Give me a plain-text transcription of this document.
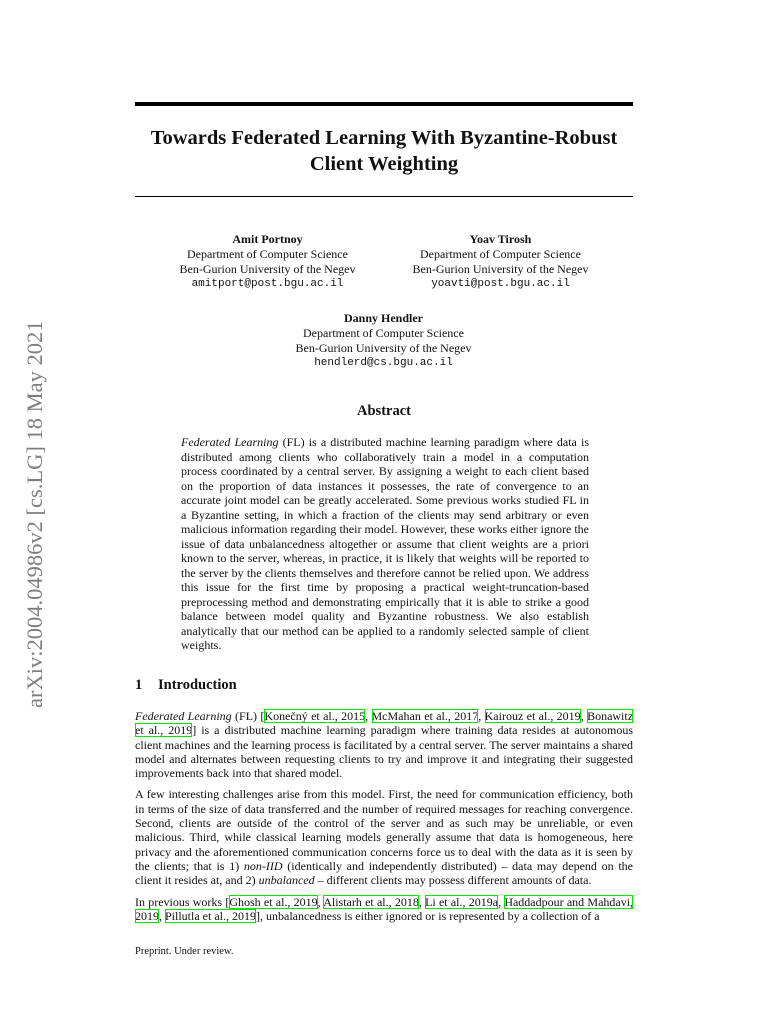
arXiv:2004.04986v2 [cs.LG] 18 May 2021
Towards Federated Learning With Byzantine-Robust
Client Weighting
Amit Portnoy
Department of Computer Science
Ben-Gurion University of the Negev
amitport@post.bgu.ac.il
Yoav Tirosh
Department of Computer Science
Ben-Gurion University of the Negev
yoavti@post.bgu.ac.il
Danny Hendler
Department of Computer Science
Ben-Gurion University of the Negev
hendlerd@cs.bgu.ac.il
Abstract
Federated Learning (FL) is a distributed machine learning paradigm where data is distributed among clients who collaboratively train a model in a computation process coordinated by a central server. By assigning a weight to each client based on the proportion of data instances it possesses, the rate of convergence to an accurate joint model can be greatly accelerated. Some previous works studied FL in a Byzantine setting, in which a fraction of the clients may send arbitrary or even malicious information regarding their model. However, these works either ignore the issue of data unbalancedness altogether or assume that client weights are a priori known to the server, whereas, in practice, it is likely that weights will be reported to the server by the clients themselves and therefore cannot be relied upon. We address this issue for the first time by proposing a practical weight-truncation-based preprocessing method and demonstrating empirically that it is able to strike a good balance between model quality and Byzantine robustness. We also establish analytically that our method can be applied to a randomly selected sample of client weights.
1 Introduction

Federated Learning (FL) [Konečný et al., 2015, McMahan et al., 2017, Kairouz et al., 2019, Bonawitz et al., 2019] is a distributed machine learning paradigm where training data resides at autonomous client machines and the learning process is facilitated by a central server. The server maintains a shared model and alternates between requesting clients to try and improve it and integrating their suggested improvements back into that shared model.

A few interesting challenges arise from this model. First, the need for communication efficiency, both in terms of the size of data transferred and the number of required messages for reaching convergence. Second, clients are outside of the control of the server and as such may be unreliable, or even malicious. Third, while classical learning models generally assume that data is homogeneous, here privacy and the aforementioned communication concerns force us to deal with the data as it is seen by the clients; that is 1) non-IID (identically and independently distributed) – data may depend on the client it resides at, and 2) unbalanced – different clients may possess different amounts of data.

In previous works [Ghosh et al., 2019, Alistarh et al., 2018, Li et al., 2019a, Haddadpour and Mahdavi, 2019, Pillutla et al., 2019], unbalancedness is either ignored or is represented by a collection of a

Preprint. Under review.
